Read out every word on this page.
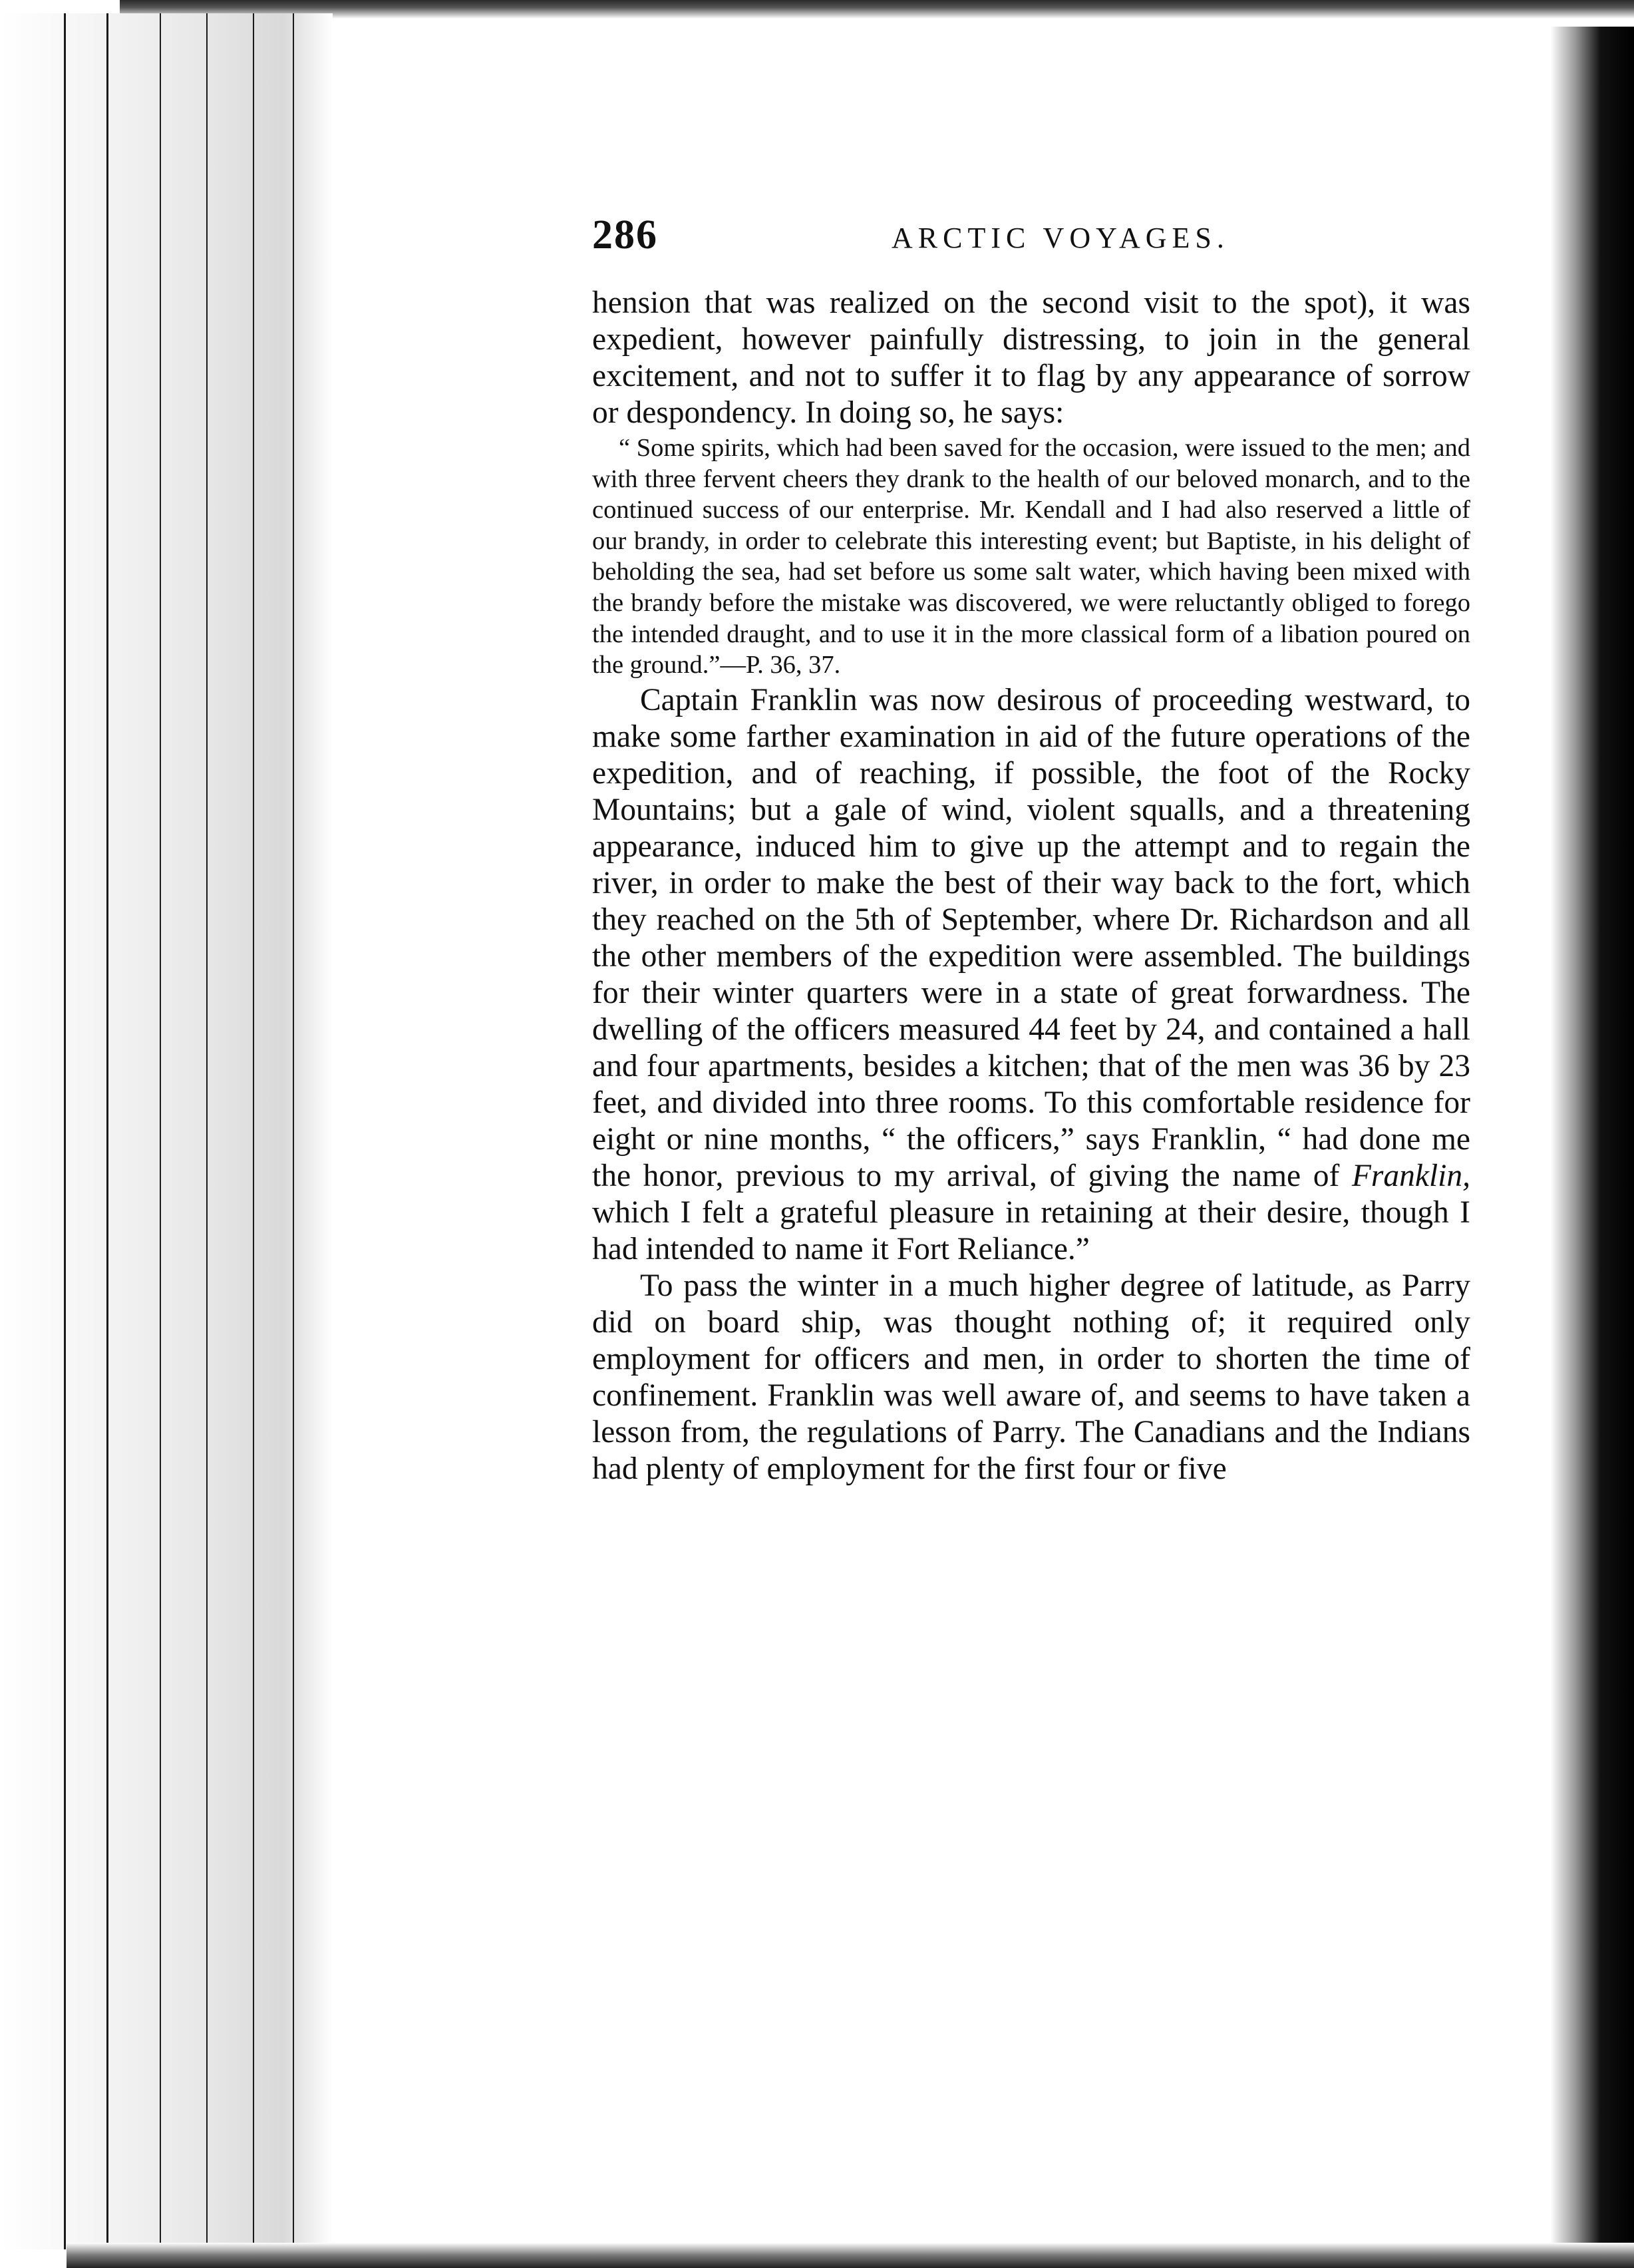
286	ARCTIC VOYAGES.

hension that was realized on the second visit to the spot), it was expedient, however painfully distressing, to join in the general excitement, and not to suffer it to flag by any appearance of sorrow or despondency. In doing so, he says:

“ Some spirits, which had been saved for the occasion, were issued to the men; and with three fervent cheers they drank to the health of our beloved monarch, and to the continued success of our enterprise. Mr. Kendall and I had also reserved a little of our brandy, in order to celebrate this interesting event; but Baptiste, in his delight of beholding the sea, had set before us some salt water, which having been mixed with the brandy before the mistake was discovered, we were reluctantly obliged to forego the intended draught, and to use it in the more classical form of a libation poured on the ground.”—P. 36, 37.

Captain Franklin was now desirous of proceeding westward, to make some farther examination in aid of the future operations of the expedition, and of reaching, if possible, the foot of the Rocky Mountains; but a gale of wind, violent squalls, and a threatening appearance, induced him to give up the attempt and to regain the river, in order to make the best of their way back to the fort, which they reached on the 5th of September, where Dr. Richardson and all the other members of the expedition were assembled. The buildings for their winter quarters were in a state of great forwardness. The dwelling of the officers measured 44 feet by 24, and contained a hall and four apartments, besides a kitchen; that of the men was 36 by 23 feet, and divided into three rooms. To this comfortable residence for eight or nine months, “ the officers,” says Franklin, “ had done me the honor, previous to my arrival, of giving the name of Franklin, which I felt a grateful pleasure in retaining at their desire, though I had intended to name it Fort Reliance.”

To pass the winter in a much higher degree of latitude, as Parry did on board ship, was thought nothing of; it required only employment for officers and men, in order to shorten the time of confinement. Franklin was well aware of, and seems to have taken a lesson from, the regulations of Parry. The Canadians and the Indians had plenty of employment for the first four or five
